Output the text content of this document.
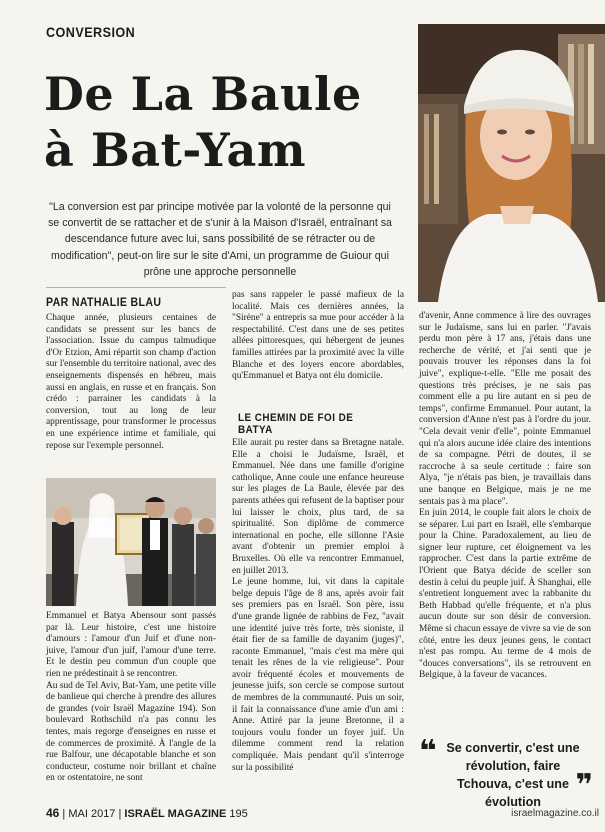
CONVERSION
De La Baule
à Bat-Yam

"La conversion est par principe motivée par la volonté de la personne qui se convertit de se rattacher et de s'unir à la Maison d'Israël, entraînant sa descendance future avec lui, sans possibilité de se rétracter ou de modification", peut-on lire sur le site d'Ami, un programme de Guiour qui prône une approche personnelle

PAR NATHALIE BLAU

Chaque année, plusieurs centaines de candidats se pressent sur les bancs de l'association. Issue du campus talmudique d'Or Etzion, Ami répartit son champ d'action sur l'ensemble du territoire national, avec des enseignements dispensés en hébreu, mais aussi en anglais, en russe et en français. Son crédo : parrainer les candidats à la conversion, tout au long de leur apprentissage, pour transformer le processus en une expérience intime et familiale, qui repose sur l'exemple personnel.

Emmanuel et Batya Abensour sont passés par là. Leur histoire, c'est une histoire d'amours : l'amour d'un Juif et d'une non-juive, l'amour d'un juif, l'amour d'une terre. Et le destin peu commun d'un couple que rien ne prédestinait à se rencontrer.
Au sud de Tel Aviv, Bat-Yam, une petite ville de banlieue qui cherche à prendre des allures de grandes (voir Israël Magazine 194). Son boulevard Rothschild n'a pas connu les tentes, mais regorge d'enseignes en russe et de commerces de proximité. À l'angle de la rue Balfour, une décapotable blanche et son conducteur, costume noir brillant et chaîne en or ostentatoire, ne sont

pas sans rappeler le passé mafieux de la localité. Mais ces dernières années, la "Sirène" a entrepris sa mue pour accéder à la respectabilité. C'est dans une de ses petites allées pittoresques, qui hébergent de jeunes familles attirées par la proximité avec la ville Blanche et des loyers encore abordables, qu'Emmanuel et Batya ont élu domicile.

LE CHEMIN DE FOI DE BATYA

Elle aurait pu rester dans sa Bretagne natale. Elle a choisi le Judaïsme, Israël, et Emmanuel. Née dans une famille d'origine catholique, Anne coule une enfance heureuse sur les plages de La Baule, élevée par des parents athées qui refusent de la baptiser pour lui laisser le choix, plus tard, de sa spiritualité. Son diplôme de commerce international en poche, elle sillonne l'Asie avant d'obtenir un premier emploi à Bruxelles. Où elle va rencontrer Emmanuel, en juillet 2013.
Le jeune homme, lui, vit dans la capitale belge depuis l'âge de 8 ans, après avoir fait ses premiers pas en Israël. Son père, issu d'une grande lignée de rabbins de Fez, "avait une identité juive très forte, très sioniste, il était fier de sa famille de dayanim (juges)", raconte Emmanuel, "mais c'est ma mère qui tenait les rênes de la vie religieuse". Pour avoir fréquenté écoles et mouvements de jeunesse juifs, son cercle se compose surtout de membres de la communauté. Puis un soir, il fait la connaissance d'une amie d'un ami : Anne. Attiré par la jeune Bretonne, il a toujours voulu fonder un foyer juif. Un dilemme comment rend la relation compliquée. Mais pendant qu'il s'interroge sur la possibilité

d'avenir, Anne commence à lire des ouvrages sur le Judaïsme, sans lui en parler. "J'avais perdu mon père à 17 ans, j'étais dans une recherche de vérité, et j'ai senti que je pouvais trouver les réponses dans la foi juive", explique-t-elle. "Elle me posait des questions très précises, je ne sais pas comment elle a pu lire autant en si peu de temps", confirme Emmanuel. Pour autant, la conversion d'Anne n'est pas à l'ordre du jour. "Cela devait venir d'elle", pointe Emmanuel qui n'a alors aucune idée claire des intentions de sa compagne. Pétri de doutes, il se raccroche à sa seule certitude : faire son Alya, "je n'étais pas bien, je travaillais dans une banque en Belgique, mais je ne me sentais pas à ma place".
En juin 2014, le couple fait alors le choix de se séparer. Lui part en Israël, elle s'embarque pour la Chine. Paradoxalement, au lieu de signer leur rupture, cet éloignement va les rapprocher. C'est dans la partie extrême de l'Orient que Batya décide de sceller son destin à celui du peuple juif. À Shanghai, elle s'entretient longuement avec la rabbanite du Beth Habbad qu'elle fréquente, et n'a plus aucun doute sur son désir de conversion. Même si chacun essaye de vivre sa vie de son côté, entre les deux jeunes gens, le contact n'est pas rompu. Au terme de 4 mois de "douces conversations", ils se retrouvent en Belgique, à la faveur de vacances.

❝ Se convertir, c'est une révolution, faire Tchouva, c'est une évolution	❞
46 | MAI 2017 | ISRAËL MAGAZINE 195	israelmagazine.co.il
